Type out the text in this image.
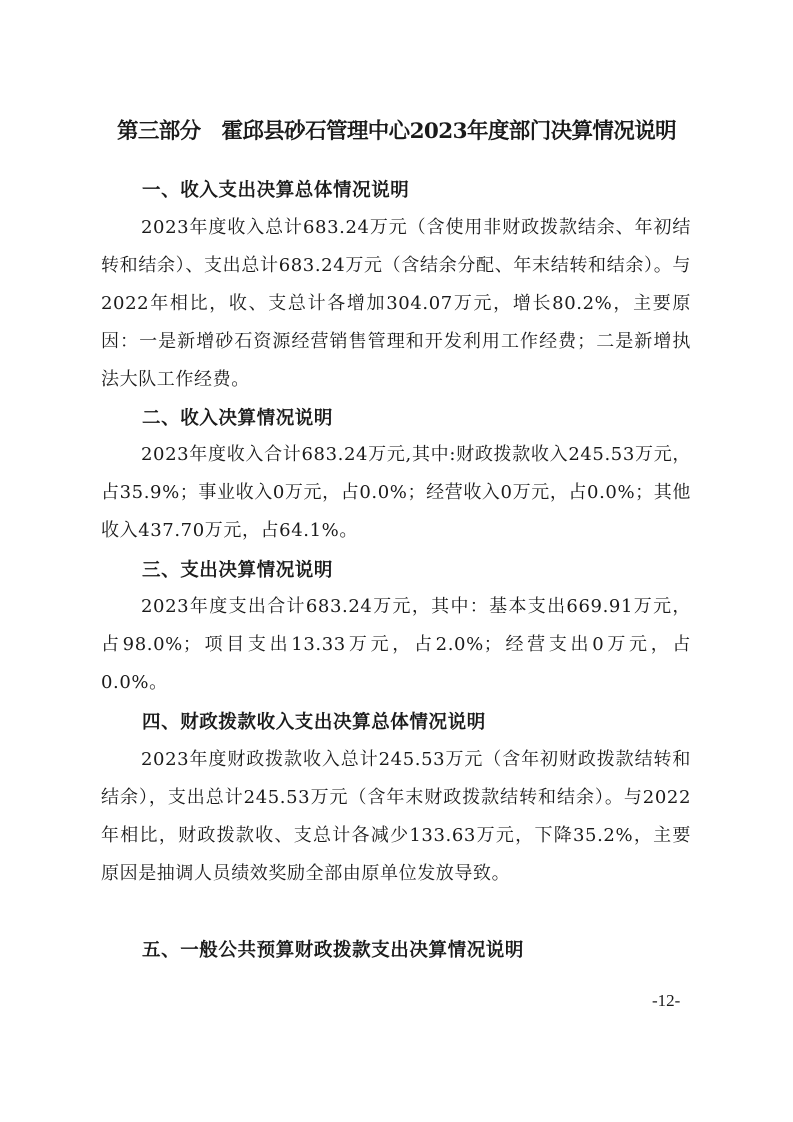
第三部分　霍邱县砂石管理中心2023年度部门决算情况说明
一、收入支出决算总体情况说明

2023年度收入总计683.24万元（含使用非财政拨款结余、年初结转和结余）、支出总计683.24万元（含结余分配、年末结转和结余）。与2022年相比，收、支总计各增加304.07万元，增长80.2%，主要原因：一是新增砂石资源经营销售管理和开发利用工作经费；二是新增执法大队工作经费。

二、收入决算情况说明

2023年度收入合计683.24万元,其中:财政拨款收入245.53万元，占35.9%；事业收入0万元，占0.0%；经营收入0万元，占0.0%；其他收入437.70万元，占64.1%。

三、支出决算情况说明

2023年度支出合计683.24万元，其中：基本支出669.91万元，占98.0%；项目支出13.33万元，占2.0%；经营支出0万元，占0.0%。

四、财政拨款收入支出决算总体情况说明

2023年度财政拨款收入总计245.53万元（含年初财政拨款结转和结余），支出总计245.53万元（含年末财政拨款结转和结余）。与2022年相比，财政拨款收、支总计各减少133.63万元，下降35.2%，主要原因是抽调人员绩效奖励全部由原单位发放导致。

五、一般公共预算财政拨款支出决算情况说明
-12-
